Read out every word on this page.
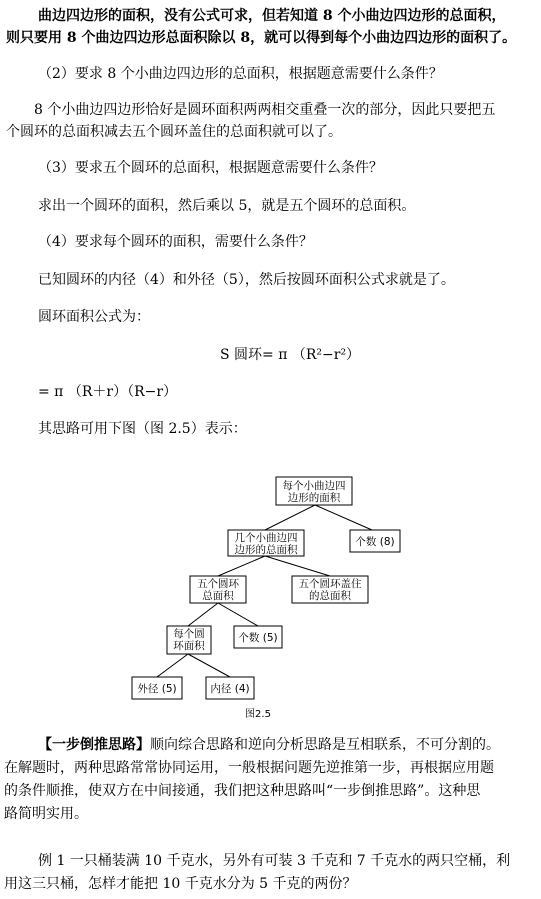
曲边四边形的面积，没有公式可求，但若知道 8 个小曲边四边形的总面积，
则只要用 8 个曲边四边形总面积除以 8，就可以得到每个小曲边四边形的面积了。
（2）要求 8 个小曲边四边形的总面积，根据题意需要什么条件？
8 个小曲边四边形恰好是圆环面积两两相交重叠一次的部分，因此只要把五
个圆环的总面积减去五个圆环盖住的总面积就可以了。
（3）要求五个圆环的总面积，根据题意需要什么条件？
求出一个圆环的面积，然后乘以 5，就是五个圆环的总面积。
（4）要求每个圆环的面积，需要什么条件？
已知圆环的内径（4）和外径（5），然后按圆环面积公式求就是了。
圆环面积公式为：
S 圆环= π （R²−r²）
= π （R＋r）（R−r）
其思路可用下图（图 2.5）表示：
每个小曲边四
边形的面积
几个小曲边四
边形的总面积
个数 (8)
五个圆环
总面积
五个圆环盖住
的总面积
每个圆
环面积
个数 (5)
外径 (5)	内径 (4)
图2.5
【一步倒推思路】顺向综合思路和逆向分析思路是互相联系，不可分割的。
在解题时，两种思路常常协同运用，一般根据问题先逆推第一步，再根据应用题
的条件顺推，使双方在中间接通，我们把这种思路叫“一步倒推思路”。这种思
路简明实用。
例 1 一只桶装满 10 千克水，另外有可装 3 千克和 7 千克水的两只空桶，利
用这三只桶，怎样才能把 10 千克水分为 5 千克的两份？
